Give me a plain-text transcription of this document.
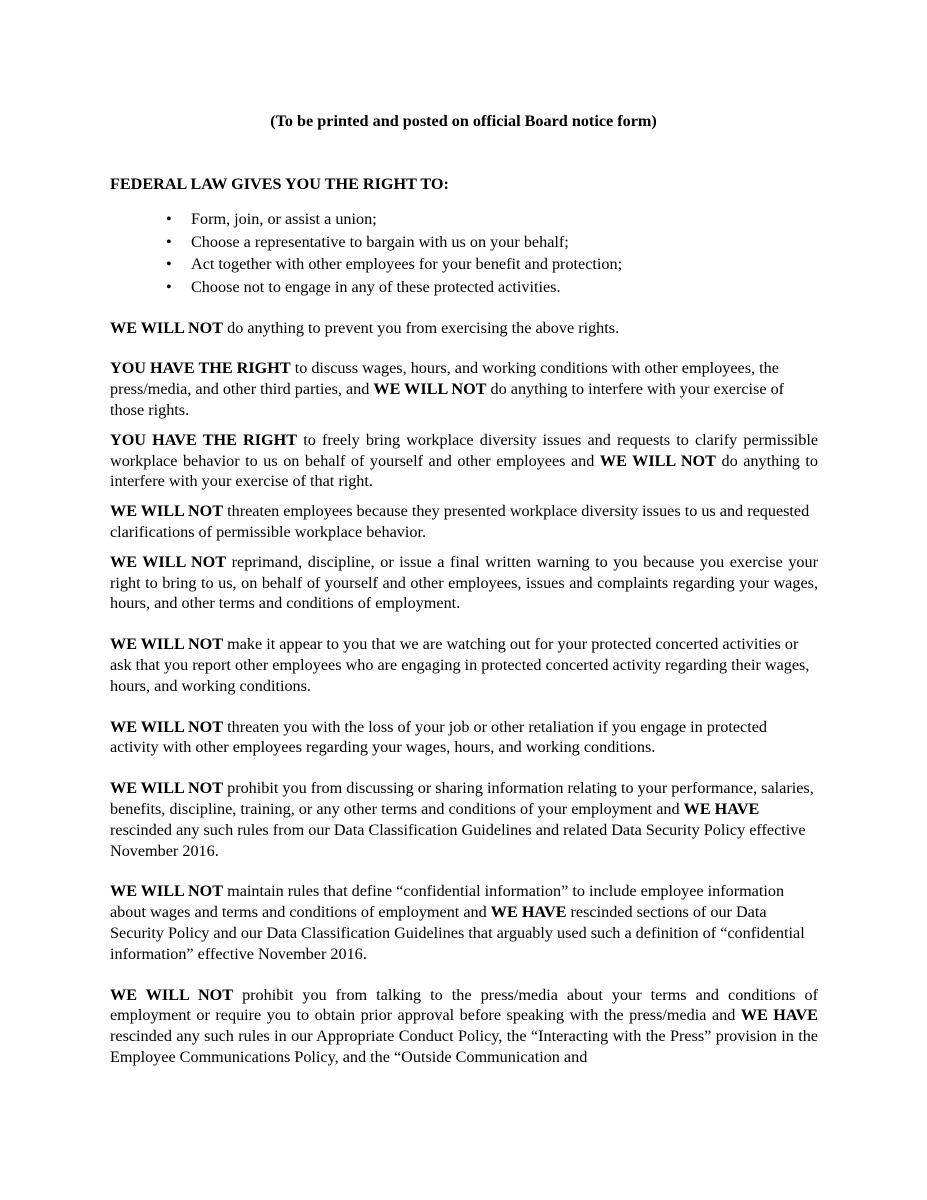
(To be printed and posted on official Board notice form)

FEDERAL LAW GIVES YOU THE RIGHT TO:
• Form, join, or assist a union;
• Choose a representative to bargain with us on your behalf;
• Act together with other employees for your benefit and protection;
• Choose not to engage in any of these protected activities.

WE WILL NOT do anything to prevent you from exercising the above rights.

YOU HAVE THE RIGHT to discuss wages, hours, and working conditions with other employees, the press/media, and other third parties, and WE WILL NOT do anything to interfere with your exercise of those rights.

YOU HAVE THE RIGHT to freely bring workplace diversity issues and requests to clarify permissible workplace behavior to us on behalf of yourself and other employees and WE WILL NOT do anything to interfere with your exercise of that right.

WE WILL NOT threaten employees because they presented workplace diversity issues to us and requested clarifications of permissible workplace behavior.

WE WILL NOT reprimand, discipline, or issue a final written warning to you because you exercise your right to bring to us, on behalf of yourself and other employees, issues and complaints regarding your wages, hours, and other terms and conditions of employment.

WE WILL NOT make it appear to you that we are watching out for your protected concerted activities or ask that you report other employees who are engaging in protected concerted activity regarding their wages, hours, and working conditions.

WE WILL NOT threaten you with the loss of your job or other retaliation if you engage in protected activity with other employees regarding your wages, hours, and working conditions.

WE WILL NOT prohibit you from discussing or sharing information relating to your performance, salaries, benefits, discipline, training, or any other terms and conditions of your employment and WE HAVE rescinded any such rules from our Data Classification Guidelines and related Data Security Policy effective November 2016.

WE WILL NOT maintain rules that define “confidential information” to include employee information about wages and terms and conditions of employment and WE HAVE rescinded sections of our Data Security Policy and our Data Classification Guidelines that arguably used such a definition of “confidential information” effective November 2016.

WE WILL NOT prohibit you from talking to the press/media about your terms and conditions of employment or require you to obtain prior approval before speaking with the press/media and WE HAVE rescinded any such rules in our Appropriate Conduct Policy, the “Interacting with the Press” provision in the Employee Communications Policy, and the “Outside Communication and
